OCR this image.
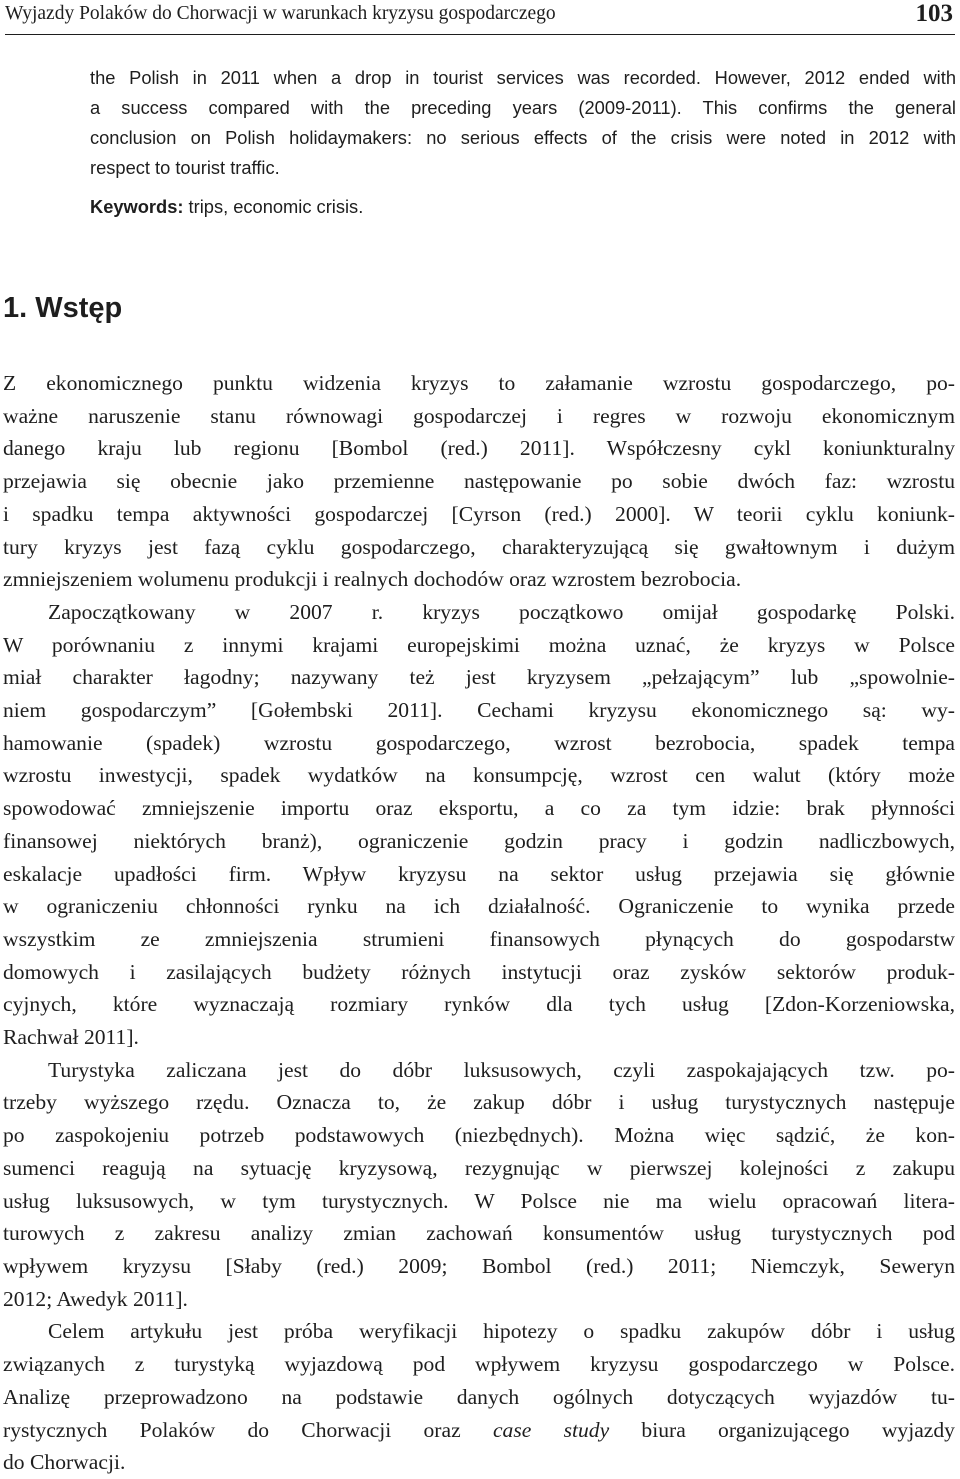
Wyjazdy Polaków do Chorwacji w warunkach kryzysu gospodarczego	103
the Polish in 2011 when a drop in tourist services was recorded. However, 2012 ended with
a success compared with the preceding years (2009-2011). This confirms the general
conclusion on Polish holidaymakers: no serious effects of the crisis were noted in 2012 with
respect to tourist traffic.

Keywords: trips, economic crisis.

1. Wstęp
Z ekonomicznego punktu widzenia kryzys to załamanie wzrostu gospodarczego, po-
ważne naruszenie stanu równowagi gospodarczej i regres w rozwoju ekonomicznym
danego kraju lub regionu [Bombol (red.) 2011]. Współczesny cykl koniunkturalny
przejawia się obecnie jako przemienne następowanie po sobie dwóch faz: wzrostu
i spadku tempa aktywności gospodarczej [Cyrson (red.) 2000]. W teorii cyklu koniunk-
tury kryzys jest fazą cyklu gospodarczego, charakteryzującą się gwałtownym i dużym
zmniejszeniem wolumenu produkcji i realnych dochodów oraz wzrostem bezrobocia.
Zapoczątkowany w 2007 r. kryzys początkowo omijał gospodarkę Polski.
W porównaniu z innymi krajami europejskimi można uznać, że kryzys w Polsce
miał charakter łagodny; nazywany też jest kryzysem „pełzającym” lub „spowolnie-
niem gospodarczym” [Gołembski 2011]. Cechami kryzysu ekonomicznego są: wy-
hamowanie (spadek) wzrostu gospodarczego, wzrost bezrobocia, spadek tempa
wzrostu inwestycji, spadek wydatków na konsumpcję, wzrost cen walut (który może
spowodować zmniejszenie importu oraz eksportu, a co za tym idzie: brak płynności
finansowej niektórych branż), ograniczenie godzin pracy i godzin nadliczbowych,
eskalacje upadłości firm. Wpływ kryzysu na sektor usług przejawia się głównie
w ograniczeniu chłonności rynku na ich działalność. Ograniczenie to wynika przede
wszystkim ze zmniejszenia strumieni finansowych płynących do gospodarstw
domowych i zasilających budżety różnych instytucji oraz zysków sektorów produk-
cyjnych, które wyznaczają rozmiary rynków dla tych usług [Zdon-Korzeniowska,
Rachwał 2011].
Turystyka zaliczana jest do dóbr luksusowych, czyli zaspokajających tzw. po-
trzeby wyższego rzędu. Oznacza to, że zakup dóbr i usług turystycznych następuje
po zaspokojeniu potrzeb podstawowych (niezbędnych). Można więc sądzić, że kon-
sumenci reagują na sytuację kryzysową, rezygnując w pierwszej kolejności z zakupu
usług luksusowych, w tym turystycznych. W Polsce nie ma wielu opracowań litera-
turowych z zakresu analizy zmian zachowań konsumentów usług turystycznych pod
wpływem kryzysu [Słaby (red.) 2009; Bombol (red.) 2011; Niemczyk, Seweryn
2012; Awedyk 2011].
Celem artykułu jest próba weryfikacji hipotezy o spadku zakupów dóbr i usług
związanych z turystyką wyjazdową pod wpływem kryzysu gospodarczego w Polsce.
Analizę przeprowadzono na podstawie danych ogólnych dotyczących wyjazdów tu-
rystycznych Polaków do Chorwacji oraz case study biura organizującego wyjazdy
do Chorwacji.
